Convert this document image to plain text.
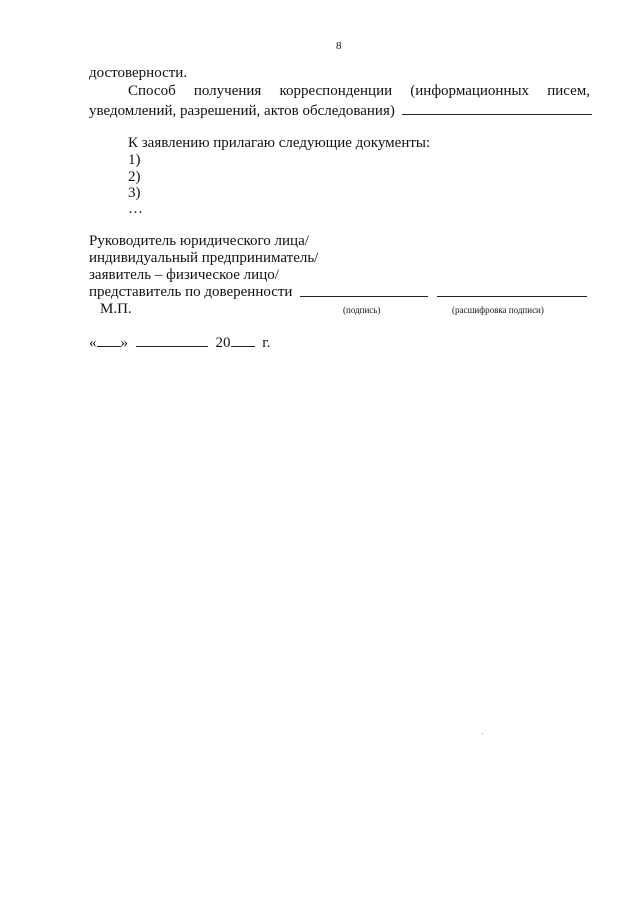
8
достоверности.
Способ получения корреспонденции (информационных писем,
уведомлений, разрешений, актов обследования)
К заявлению прилагаю следующие документы:
1)
2)
3)
…
Руководитель юридического лица/
индивидуальный предприниматель/
заявитель – физическое лицо/
представитель по доверенности
М.П.	(подпись)	(расшифровка подписи)
« »	20 г.
